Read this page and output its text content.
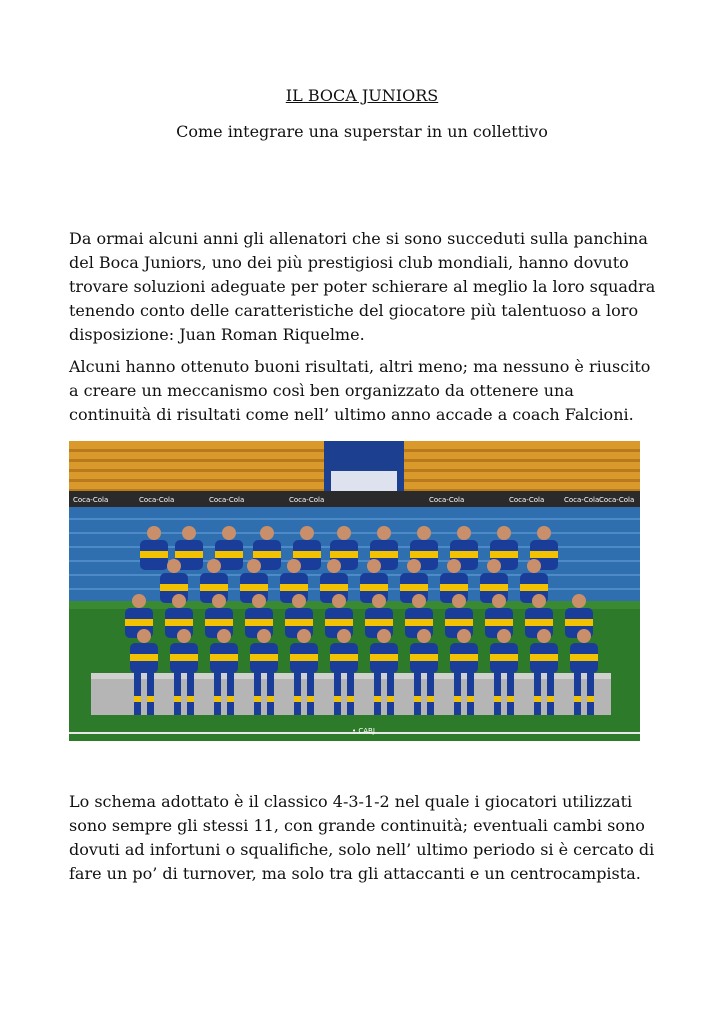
IL BOCA JUNIORS
Come integrare una superstar in un collettivo

Da ormai alcuni anni gli allenatori che si sono succeduti sulla panchina del Boca Juniors, uno dei più prestigiosi club mondiali, hanno dovuto trovare soluzioni adeguate per poter schierare al meglio la loro squadra tenendo conto delle caratteristiche del giocatore più talentuoso a loro disposizione: Juan Roman Riquelme.

Alcuni hanno ottenuto buoni risultati, altri meno; ma nessuno è riuscito a creare un meccanismo così ben organizzato da ottenere una continuità di risultati come nell’ ultimo anno accade a coach Falcioni.

Coca-Cola	Coca-Cola	Coca-Cola	Coca-Cola	Coca-Cola	Coca-Cola	Coca-Cola Coca-Cola
• CABJ

Lo schema adottato è il classico 4-3-1-2 nel quale i giocatori utilizzati sono sempre gli stessi 11, con grande continuità; eventuali cambi sono dovuti ad infortuni o squalifiche, solo nell’ ultimo periodo si è cercato di fare un po’ di turnover, ma solo tra gli attaccanti e un centrocampista.
